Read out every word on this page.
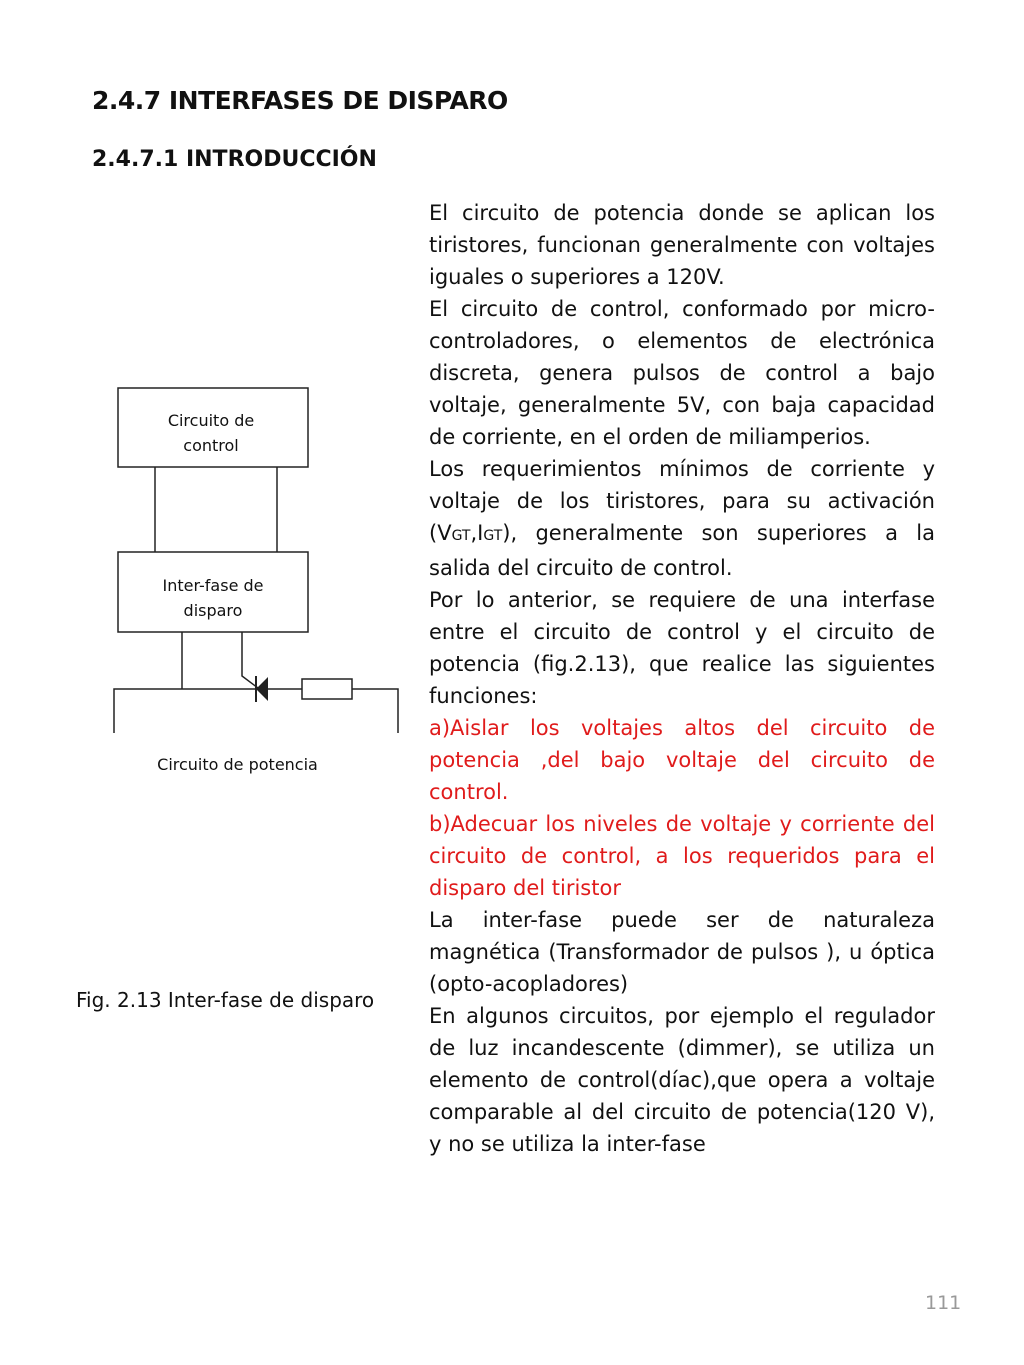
2.4.7 INTERFASES DE DISPARO
2.4.7.1 INTRODUCCIÓN
Circuito de control
Inter-fase de disparo
Circuito de potencia
Fig. 2.13 Inter-fase de disparo

El circuito de potencia donde se aplican los tiristores, funcionan generalmente con voltajes iguales o superiores a 120V.

El circuito de control, conformado por micro-controladores, o elementos de electrónica discreta, genera pulsos de control a bajo voltaje, generalmente 5V, con baja capacidad de corriente, en el orden de miliamperios.

Los requerimientos mínimos de corriente y voltaje de los tiristores, para su activación (VGT,IGT), generalmente son superiores a la salida del circuito de control.

Por lo anterior, se requiere de una interfase entre el circuito de control y el circuito de potencia (fig.2.13), que realice las siguientes funciones:

a)Aislar los voltajes altos del circuito de potencia ,del bajo voltaje del circuito de control.

b)Adecuar los niveles de voltaje y corriente del circuito de control, a los requeridos para el disparo del tiristor

La inter-fase puede ser de naturaleza magnética (Transformador de pulsos ), u óptica (opto-acopladores)

En algunos circuitos, por ejemplo el regulador de luz incandescente (dimmer), se utiliza un elemento de control(díac),que opera a voltaje comparable al del circuito de potencia(120 V), y no se utiliza la inter-fase

111
